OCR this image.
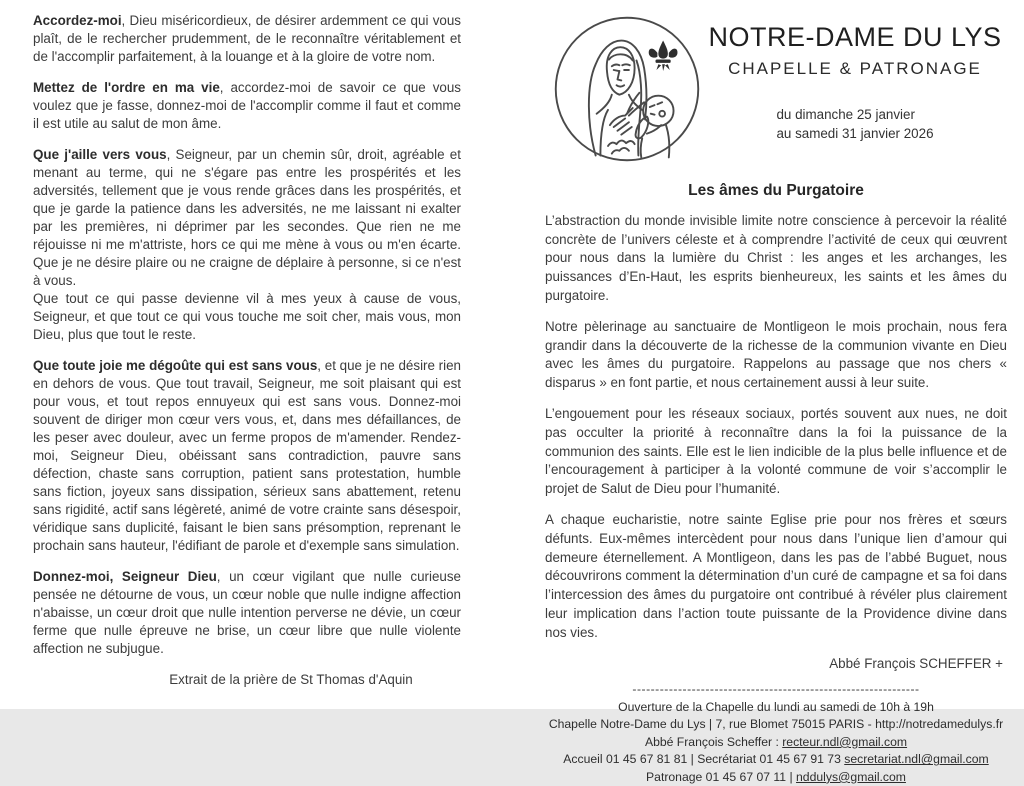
Accordez-moi, Dieu miséricordieux, de désirer ardemment ce qui vous plaît, de le rechercher prudemment, de le reconnaître véritablement et de l'accomplir parfaitement, à la louange et à la gloire de votre nom.

Mettez de l'ordre en ma vie, accordez-moi de savoir ce que vous voulez que je fasse, donnez-moi de l'accomplir comme il faut et comme il est utile au salut de mon âme.

Que j'aille vers vous, Seigneur, par un chemin sûr, droit, agréable et menant au terme, qui ne s'égare pas entre les prospérités et les adversités, tellement que je vous rende grâces dans les prospérités, et que je garde la patience dans les adversités, ne me laissant ni exalter par les premières, ni déprimer par les secondes. Que rien ne me réjouisse ni me m'attriste, hors ce qui me mène à vous ou m'en écarte. Que je ne désire plaire ou ne craigne de déplaire à personne, si ce n'est à vous.

Que tout ce qui passe devienne vil à mes yeux à cause de vous, Seigneur, et que tout ce qui vous touche me soit cher, mais vous, mon Dieu, plus que tout le reste.

Que toute joie me dégoûte qui est sans vous, et que je ne désire rien en dehors de vous. Que tout travail, Seigneur, me soit plaisant qui est pour vous, et tout repos ennuyeux qui est sans vous. Donnez-moi souvent de diriger mon cœur vers vous, et, dans mes défaillances, de les peser avec douleur, avec un ferme propos de m'amender. Rendez-moi, Seigneur Dieu, obéissant sans contradiction, pauvre sans défection, chaste sans corruption, patient sans protestation, humble sans fiction, joyeux sans dissipation, sérieux sans abattement, retenu sans rigidité, actif sans légèreté, animé de votre crainte sans désespoir, véridique sans duplicité, faisant le bien sans présomption, reprenant le prochain sans hauteur, l'édifiant de parole et d'exemple sans simulation.

Donnez-moi, Seigneur Dieu, un cœur vigilant que nulle curieuse pensée ne détourne de vous, un cœur noble que nulle indigne affection n'abaisse, un cœur droit que nulle intention perverse ne dévie, un cœur ferme que nulle épreuve ne brise, un cœur libre que nulle violente affection ne subjugue.

Extrait de la prière de St Thomas d'Aquin

NOTRE-DAME DU LYS
CHAPELLE & PATRONAGE
du dimanche 25 janvier
au samedi 31 janvier 2026
Les âmes du Purgatoire

L’abstraction du monde invisible limite notre conscience à percevoir la réalité concrète de l’univers céleste et à comprendre l’activité de ceux qui œuvrent pour nous dans la lumière du Christ : les anges et les archanges, les puissances d’En-Haut, les esprits bienheureux, les saints et les âmes du purgatoire.

Notre pèlerinage au sanctuaire de Montligeon le mois prochain, nous fera grandir dans la découverte de la richesse de la communion vivante en Dieu avec les âmes du purgatoire. Rappelons au passage que nos chers « disparus » en font partie, et nous certainement aussi à leur suite.

L’engouement pour les réseaux sociaux, portés souvent aux nues, ne doit pas occulter la priorité à reconnaître dans la foi la puissance de la communion des saints. Elle est le lien indicible de la plus belle influence et de l’encouragement à participer à la volonté commune de voir s’accomplir le projet de Salut de Dieu pour l’humanité.

A chaque eucharistie, notre sainte Eglise prie pour nos frères et sœurs défunts. Eux-mêmes intercèdent pour nous dans l’unique lien d’amour qui demeure éternellement. A Montligeon, dans les pas de l’abbé Buguet, nous découvrirons comment la détermination d’un curé de campagne et sa foi dans l’intercession des âmes du purgatoire ont contribué à révéler plus clairement leur implication dans l’action toute puissante de la Providence divine dans nos vies.

Abbé François SCHEFFER +

---------------------------------------------------------------
Ouverture de la Chapelle du lundi au samedi de 10h à 19h
Chapelle Notre-Dame du Lys | 7, rue Blomet 75015 PARIS - http://notredamedulys.fr
Abbé François Scheffer : recteur.ndl@gmail.com
Accueil 01 45 67 81 81 | Secrétariat 01 45 67 91 73 secretariat.ndl@gmail.com
Patronage 01 45 67 07 11 | nddulys@gmail.com
